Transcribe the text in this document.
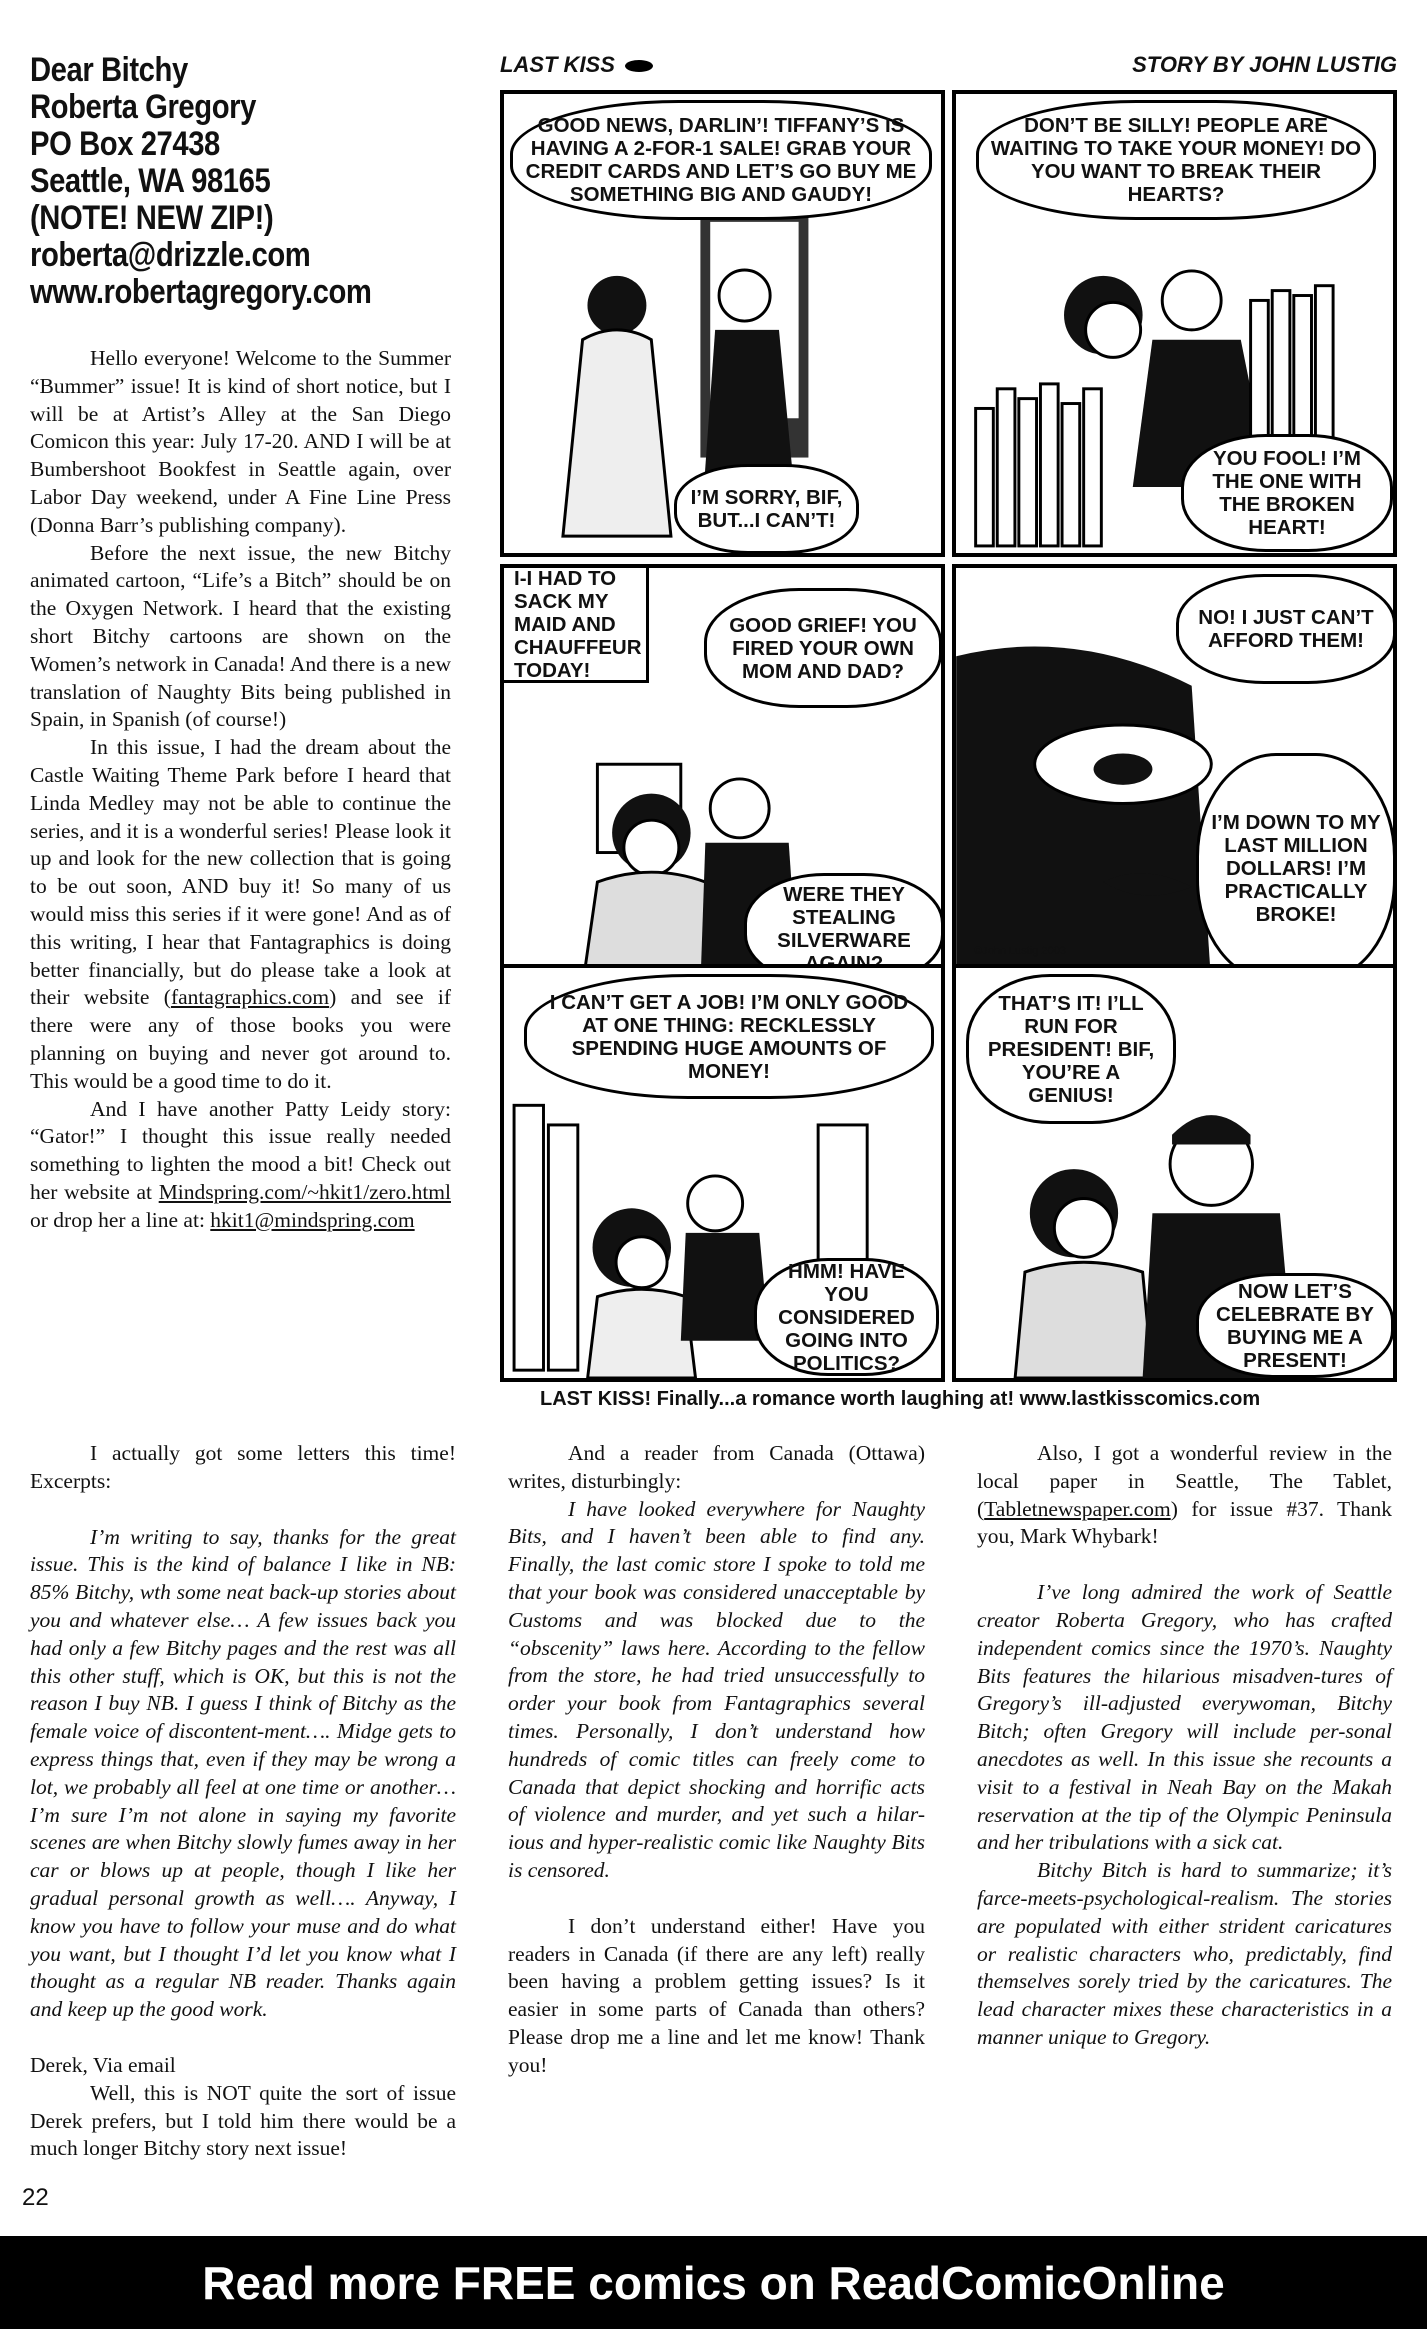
Dear Bitchy
Roberta Gregory
PO Box 27438
Seattle, WA 98165
(NOTE! NEW ZIP!)
roberta@drizzle.com
www.robertagregory.com

Hello everyone! Welcome to the Summer “Bummer” issue! It is kind of short notice, but I will be at Artist’s Alley at the San Diego Comicon this year: July 17-20. AND I will be at Bumbershoot Bookfest in Seattle again, over Labor Day weekend, under A Fine Line Press (Donna Barr’s publishing company).

Before the next issue, the new Bitchy animated cartoon, “Life’s a Bitch” should be on the Oxygen Network. I heard that the existing short Bitchy cartoons are shown on the Women’s network in Canada! And there is a new translation of Naughty Bits being published in Spain, in Spanish (of course!)

In this issue, I had the dream about the Castle Waiting Theme Park before I heard that Linda Medley may not be able to continue the series, and it is a wonderful series! Please look it up and look for the new collection that is going to be out soon, AND buy it! So many of us would miss this series if it were gone! And as of this writing, I hear that Fantagraphics is doing better financially, but do please take a look at their website (fantagraphics.com) and see if there were any of those books you were planning on buying and never got around to. This would be a good time to do it.

And I have another Patty Leidy story: “Gator!” I thought this issue really needed something to lighten the mood a bit! Check out her website at Mindspring.com/~hkit1/zero.html or drop her a line at: hkit1@mindspring.com

LAST KISS	STORY BY JOHN LUSTIG
GOOD NEWS, DARLIN’! TIFFANY’S IS HAVING A 2-FOR-1 SALE! GRAB YOUR CREDIT CARDS AND LET’S GO BUY ME SOMETHING BIG AND GAUDY!
I’M SORRY, BIF, BUT...I CAN’T!
DON’T BE SILLY! PEOPLE ARE WAITING TO TAKE YOUR MONEY! DO YOU WANT TO BREAK THEIR HEARTS?
YOU FOOL! I’M THE ONE WITH THE BROKEN HEART!
I-I HAD TO SACK MY MAID AND CHAUFFEUR TODAY!
GOOD GRIEF! YOU FIRED YOUR OWN MOM AND DAD?
WERE THEY STEALING SILVERWARE
NO! I JUST CAN’T AFFORD THEM!
I’M DOWN TO MY LAST MILLION DOLLARS! I’M PRACTICALLY BROKE!
I CAN’T GET A JOB! I’M ONLY GOOD AT ONE THING: RECKLESSLY SPENDING HUGE AMOUNTS OF MONEY!
HMM! HAVE YOU CONSIDERED GOING INTO POLITICS?
THAT’S IT! I’LL RUN FOR PRESIDENT! BIF, YOU’RE A GENIUS!
NOW LET’S CELEBRATE BY BUYING ME A PRESENT!
©John Lustig 2003
LAST KISS! Finally...a romance worth laughing at! www.lastkisscomics.com

I actually got some letters this time! Excerpts:

I’m writing to say, thanks for the great issue. This is the kind of balance I like in NB: 85% Bitchy, wth some neat back-up stories about you and whatever else… A few issues back you had only a few Bitchy pages and the rest was all this other stuff, which is OK, but this is not the reason I buy NB. I guess I think of Bitchy as the female voice of discontent-ment…. Midge gets to express things that, even if they may be wrong a lot, we probably all feel at one time or another… I’m sure I’m not alone in saying my favorite scenes are when Bitchy slowly fumes away in her car or blows up at people, though I like her gradual personal growth as well…. Anyway, I know you have to follow your muse and do what you want, but I thought I’d let you know what I thought as a regular NB reader. Thanks again and keep up the good work.

Derek, Via email

Well, this is NOT quite the sort of issue Derek prefers, but I told him there would be a much longer Bitchy story next issue!

And a reader from Canada (Ottawa) writes, disturbingly:

I have looked everywhere for Naughty Bits, and I haven’t been able to find any. Finally, the last comic store I spoke to told me that your book was considered unacceptable by Customs and was blocked due to the “obscenity” laws here. According to the fellow from the store, he had tried unsuccessfully to order your book from Fantagraphics several times. Personally, I don’t understand how hundreds of comic titles can freely come to Canada that depict shocking and horrific acts of violence and murder, and yet such a hilar-ious and hyper-realistic comic like Naughty Bits is censored.

I don’t understand either! Have you readers in Canada (if there are any left) really been having a problem getting issues? Is it easier in some parts of Canada than others? Please drop me a line and let me know! Thank you!

Also, I got a wonderful review in the local paper in Seattle, The Tablet, (Tabletnewspaper.com) for issue #37. Thank you, Mark Whybark!

I’ve long admired the work of Seattle creator Roberta Gregory, who has crafted independent comics since the 1970’s. Naughty Bits features the hilarious misadven-tures of Gregory’s ill-adjusted everywoman, Bitchy Bitch; often Gregory will include per-sonal anecdotes as well. In this issue she recounts a visit to a festival in Neah Bay on the Makah reservation at the tip of the Olympic Peninsula and her tribulations with a sick cat.

Bitchy Bitch is hard to summarize; it’s farce-meets-psychological-realism. The stories are populated with either strident caricatures or realistic characters who, predictably, find themselves sorely tried by the caricatures. The lead character mixes these characteristics in a manner unique to Gregory.

22
Read more FREE comics on ReadComicOnline
